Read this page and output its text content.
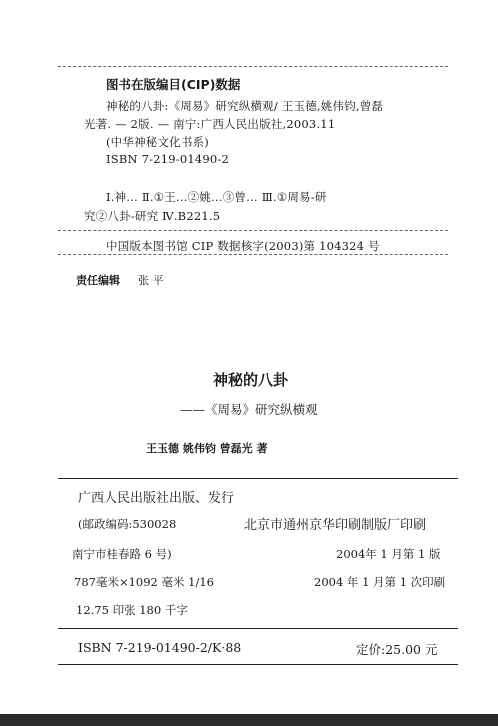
图书在版编目(CIP)数据
神秘的八卦:《周易》研究纵横观/ 王玉德,姚伟钧,曾磊
光著. — 2版. — 南宁:广西人民出版社,2003.11
(中华神秘文化书系)
ISBN 7-219-01490-2
Ⅰ.神… Ⅱ.①王…②姚…③曾… Ⅲ.①周易-研
究②八卦-研究 Ⅳ.B221.5
中国版本图书馆 CIP 数据核字(2003)第 104324 号
责任编辑 张 平
神秘的八卦
——《周易》研究纵横观
王玉德 姚伟钧 曾磊光 著
广西人民出版社出版、发行
(邮政编码:530028	北京市通州京华印刷制版厂印刷
南宁市桂春路 6 号)	2004年 1 月第 1 版
787毫米×1092 毫米 1/16	2004 年 1 月第 1 次印刷
12.75 印张 180 千字
ISBN 7-219-01490-2/K·88	定价:25.00 元
